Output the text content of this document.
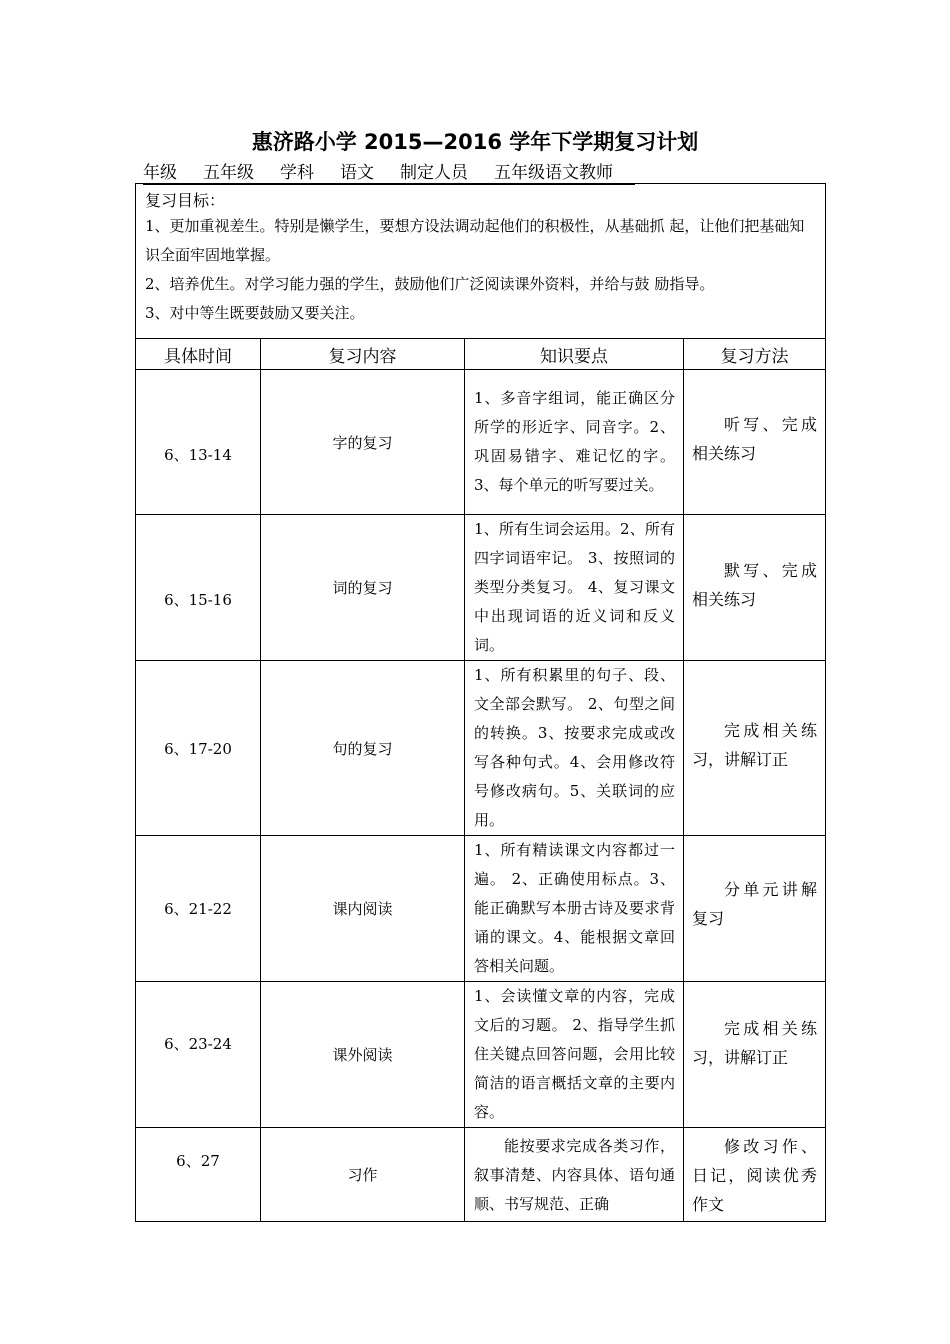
惠济路小学 2015—2016 学年下学期复习计划
年级 五年级 学科 语文 制定人员 五年级语文教师
复习目标：
1、更加重视差生。特别是懒学生，要想方设法调动起他们的积极性，从基础抓 起，让他们把基础知识全面牢固地掌握。
2、培养优生。对学习能力强的学生，鼓励他们广泛阅读课外资料，并给与鼓 励指导。
3、对中等生既要鼓励又要关注。			

具体时间	复习内容	知识要点	复习方法
6、13-14	字的复习	1、多音字组词，能正确区分所学的形近字、同音字。2、巩固易错字、难记忆的字。 3、每个单元的听写要过关。	听写、完成相关练习
6、15-16	词的复习	1、所有生词会运用。2、所有四字词语牢记。 3、按照词的类型分类复习。 4、复习课文中出现词语的近义词和反义词。	默写、完成相关练习
6、17-20	句的复习	1、所有积累里的句子、段、文全部会默写。 2、句型之间的转换。3、按要求完成或改写各种句式。4、会用修改符号修改病句。5、关联词的应用。	完成相关练习，讲解订正
6、21-22	课内阅读	1、所有精读课文内容都过一遍。 2、正确使用标点。3、能正确默写本册古诗及要求背诵的课文。4、能根据文章回答相关问题。	分单元讲解复习
6、23-24	课外阅读	1、会读懂文章的内容，完成文后的习题。 2、指导学生抓住关键点回答问题，会用比较简洁的语言概括文章的主要内 容。	完成相关练习，讲解订正
6、27	习作	能按要求完成各类习作，叙事清楚、内容具体、语句通顺、书写规范、正确	修改习作、日记，阅读优秀作文
